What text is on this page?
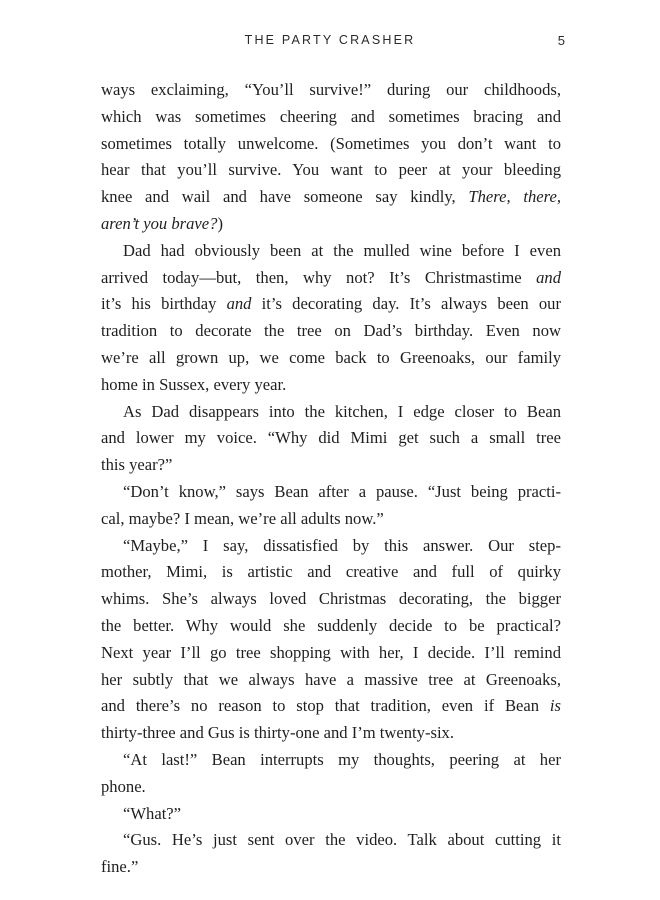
THE PARTY CRASHER	5
ways exclaiming, “You’ll survive!” during our childhoods,
which was sometimes cheering and sometimes bracing and
sometimes totally unwelcome. (Sometimes you don’t want to
hear that you’ll survive. You want to peer at your bleeding
knee and wail and have someone say kindly, There, there,
aren’t you brave?)
Dad had obviously been at the mulled wine before I even
arrived today—but, then, why not? It’s Christmastime and
it’s his birthday and it’s decorating day. It’s always been our
tradition to decorate the tree on Dad’s birthday. Even now
we’re all grown up, we come back to Greenoaks, our family
home in Sussex, every year.
As Dad disappears into the kitchen, I edge closer to Bean
and lower my voice. “Why did Mimi get such a small tree
this year?”
“Don’t know,” says Bean after a pause. “Just being practi-
cal, maybe? I mean, we’re all adults now.”
“Maybe,” I say, dissatisfied by this answer. Our step-
mother, Mimi, is artistic and creative and full of quirky
whims. She’s always loved Christmas decorating, the bigger
the better. Why would she suddenly decide to be practical?
Next year I’ll go tree shopping with her, I decide. I’ll remind
her subtly that we always have a massive tree at Greenoaks,
and there’s no reason to stop that tradition, even if Bean is
thirty-three and Gus is thirty-one and I’m twenty-six.
“At last!” Bean interrupts my thoughts, peering at her
phone.
“What?”
“Gus. He’s just sent over the video. Talk about cutting it
fine.”
